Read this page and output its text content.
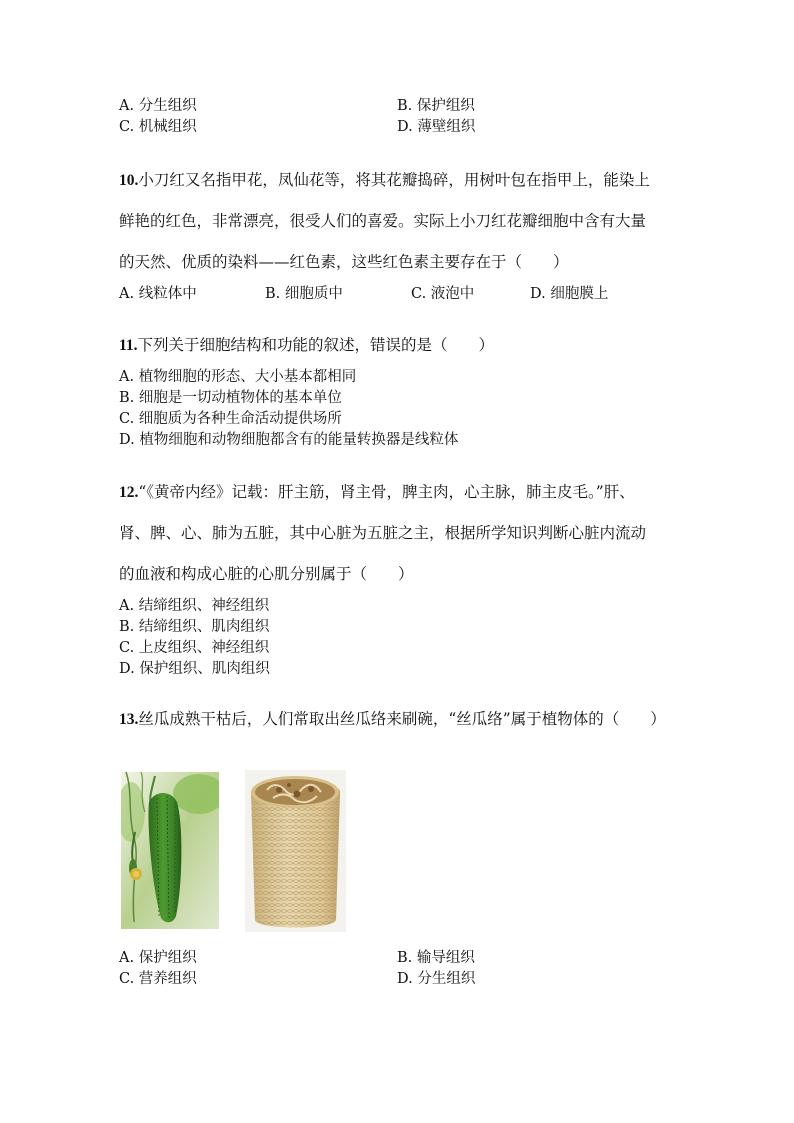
A. 分生组织	B. 保护组织
C. 机械组织	D. 薄壁组织
10.小刀红又名指甲花，凤仙花等，将其花瓣捣碎，用树叶包在指甲上，能染上
鲜艳的红色，非常漂亮，很受人们的喜爱。实际上小刀红花瓣细胞中含有大量
的天然、优质的染料——红色素，这些红色素主要存在于（　　）
A. 线粒体中	B. 细胞质中	C. 液泡中	D. 细胞膜上
11.下列关于细胞结构和功能的叙述，错误的是（　　）
A. 植物细胞的形态、大小基本都相同
B. 细胞是一切动植物体的基本单位
C. 细胞质为各种生命活动提供场所
D. 植物细胞和动物细胞都含有的能量转换器是线粒体
12.“《黄帝内经》记载：肝主筋，肾主骨，脾主肉，心主脉，肺主皮毛。”肝、
肾、脾、心、肺为五脏，其中心脏为五脏之主，根据所学知识判断心脏内流动
的血液和构成心脏的心肌分别属于（　　）
A. 结缔组织、神经组织
B. 结缔组织、肌肉组织
C. 上皮组织、神经组织
D. 保护组织、肌肉组织
13.丝瓜成熟干枯后，人们常取出丝瓜络来刷碗，“丝瓜络”属于植物体的（　　）
A. 保护组织	B. 输导组织
C. 营养组织	D. 分生组织
